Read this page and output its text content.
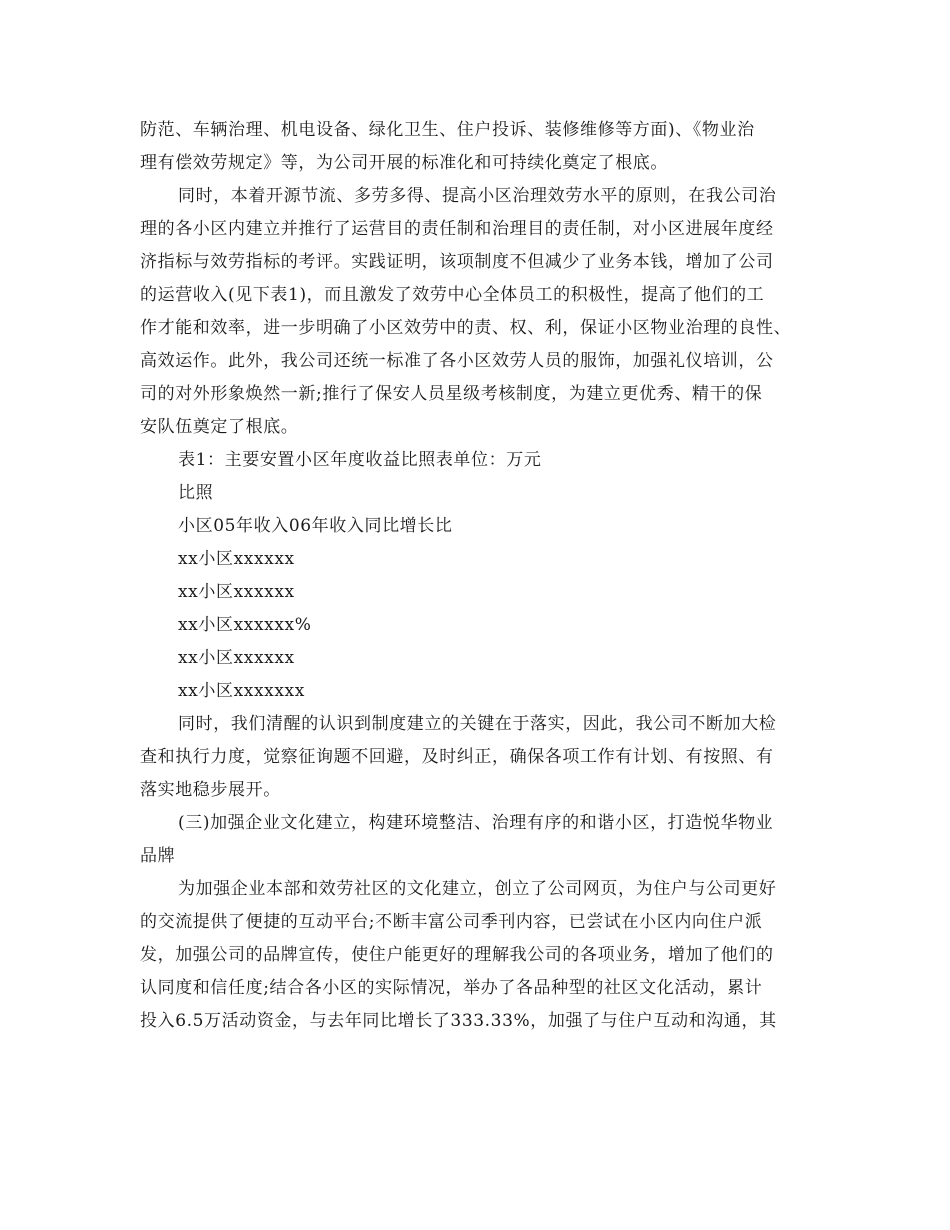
防范、车辆治理、机电设备、绿化卫生、住户投诉、装修维修等方面)、《物业治
理有偿效劳规定》等，为公司开展的标准化和可持续化奠定了根底。
同时，本着开源节流、多劳多得、提高小区治理效劳水平的原则，在我公司治
理的各小区内建立并推行了运营目的责任制和治理目的责任制，对小区进展年度经
济指标与效劳指标的考评。实践证明，该项制度不但减少了业务本钱，增加了公司
的运营收入(见下表1)，而且激发了效劳中心全体员工的积极性，提高了他们的工
作才能和效率，进一步明确了小区效劳中的责、权、利，保证小区物业治理的良性、
高效运作。此外，我公司还统一标准了各小区效劳人员的服饰，加强礼仪培训，公
司的对外形象焕然一新;推行了保安人员星级考核制度，为建立更优秀、精干的保
安队伍奠定了根底。
表1：主要安置小区年度收益比照表单位：万元
比照
小区05年收入06年收入同比增长比
xx小区xxxxxx
xx小区xxxxxx
xx小区xxxxxx%
xx小区xxxxxx
xx小区xxxxxxx
同时，我们清醒的认识到制度建立的关键在于落实，因此，我公司不断加大检
查和执行力度，觉察征询题不回避，及时纠正，确保各项工作有计划、有按照、有
落实地稳步展开。
(三)加强企业文化建立，构建环境整洁、治理有序的和谐小区，打造悦华物业
品牌
为加强企业本部和效劳社区的文化建立，创立了公司网页，为住户与公司更好
的交流提供了便捷的互动平台;不断丰富公司季刊内容，已尝试在小区内向住户派
发，加强公司的品牌宣传，使住户能更好的理解我公司的各项业务，增加了他们的
认同度和信任度;结合各小区的实际情况，举办了各品种型的社区文化活动，累计
投入6.5万活动资金，与去年同比增长了333.33%，加强了与住户互动和沟通，其
